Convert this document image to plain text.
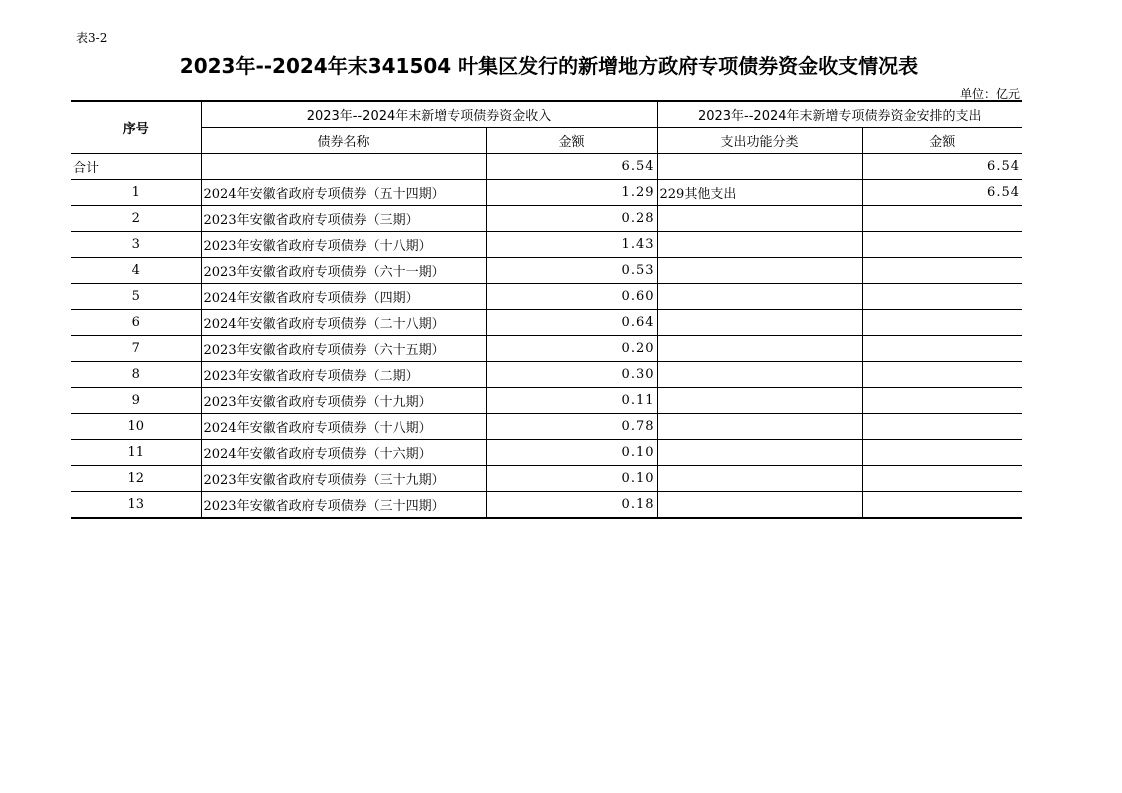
表3-2
2023年--2024年末341504 叶集区发行的新增地方政府专项债券资金收支情况表
单位：亿元
序号	2023年--2024年末新增专项债券资金收入		2023年--2024年末新增专项债券资金安排的支出	
	债券名称	金额	支出功能分类	金额
合计		6.54		6.54
1	2024年安徽省政府专项债券（五十四期）	1.29	229其他支出	6.54
2	2023年安徽省政府专项债券（三期）	0.28		
3	2023年安徽省政府专项债券（十八期）	1.43		
4	2023年安徽省政府专项债券（六十一期）	0.53		
5	2024年安徽省政府专项债券（四期）	0.60		
6	2024年安徽省政府专项债券（二十八期）	0.64		
7	2023年安徽省政府专项债券（六十五期）	0.20		
8	2023年安徽省政府专项债券（二期）	0.30		
9	2023年安徽省政府专项债券（十九期）	0.11		
10	2024年安徽省政府专项债券（十八期）	0.78		
11	2024年安徽省政府专项债券（十六期）	0.10		
12	2023年安徽省政府专项债券（三十九期）	0.10		
13	2023年安徽省政府专项债券（三十四期）	0.18		
